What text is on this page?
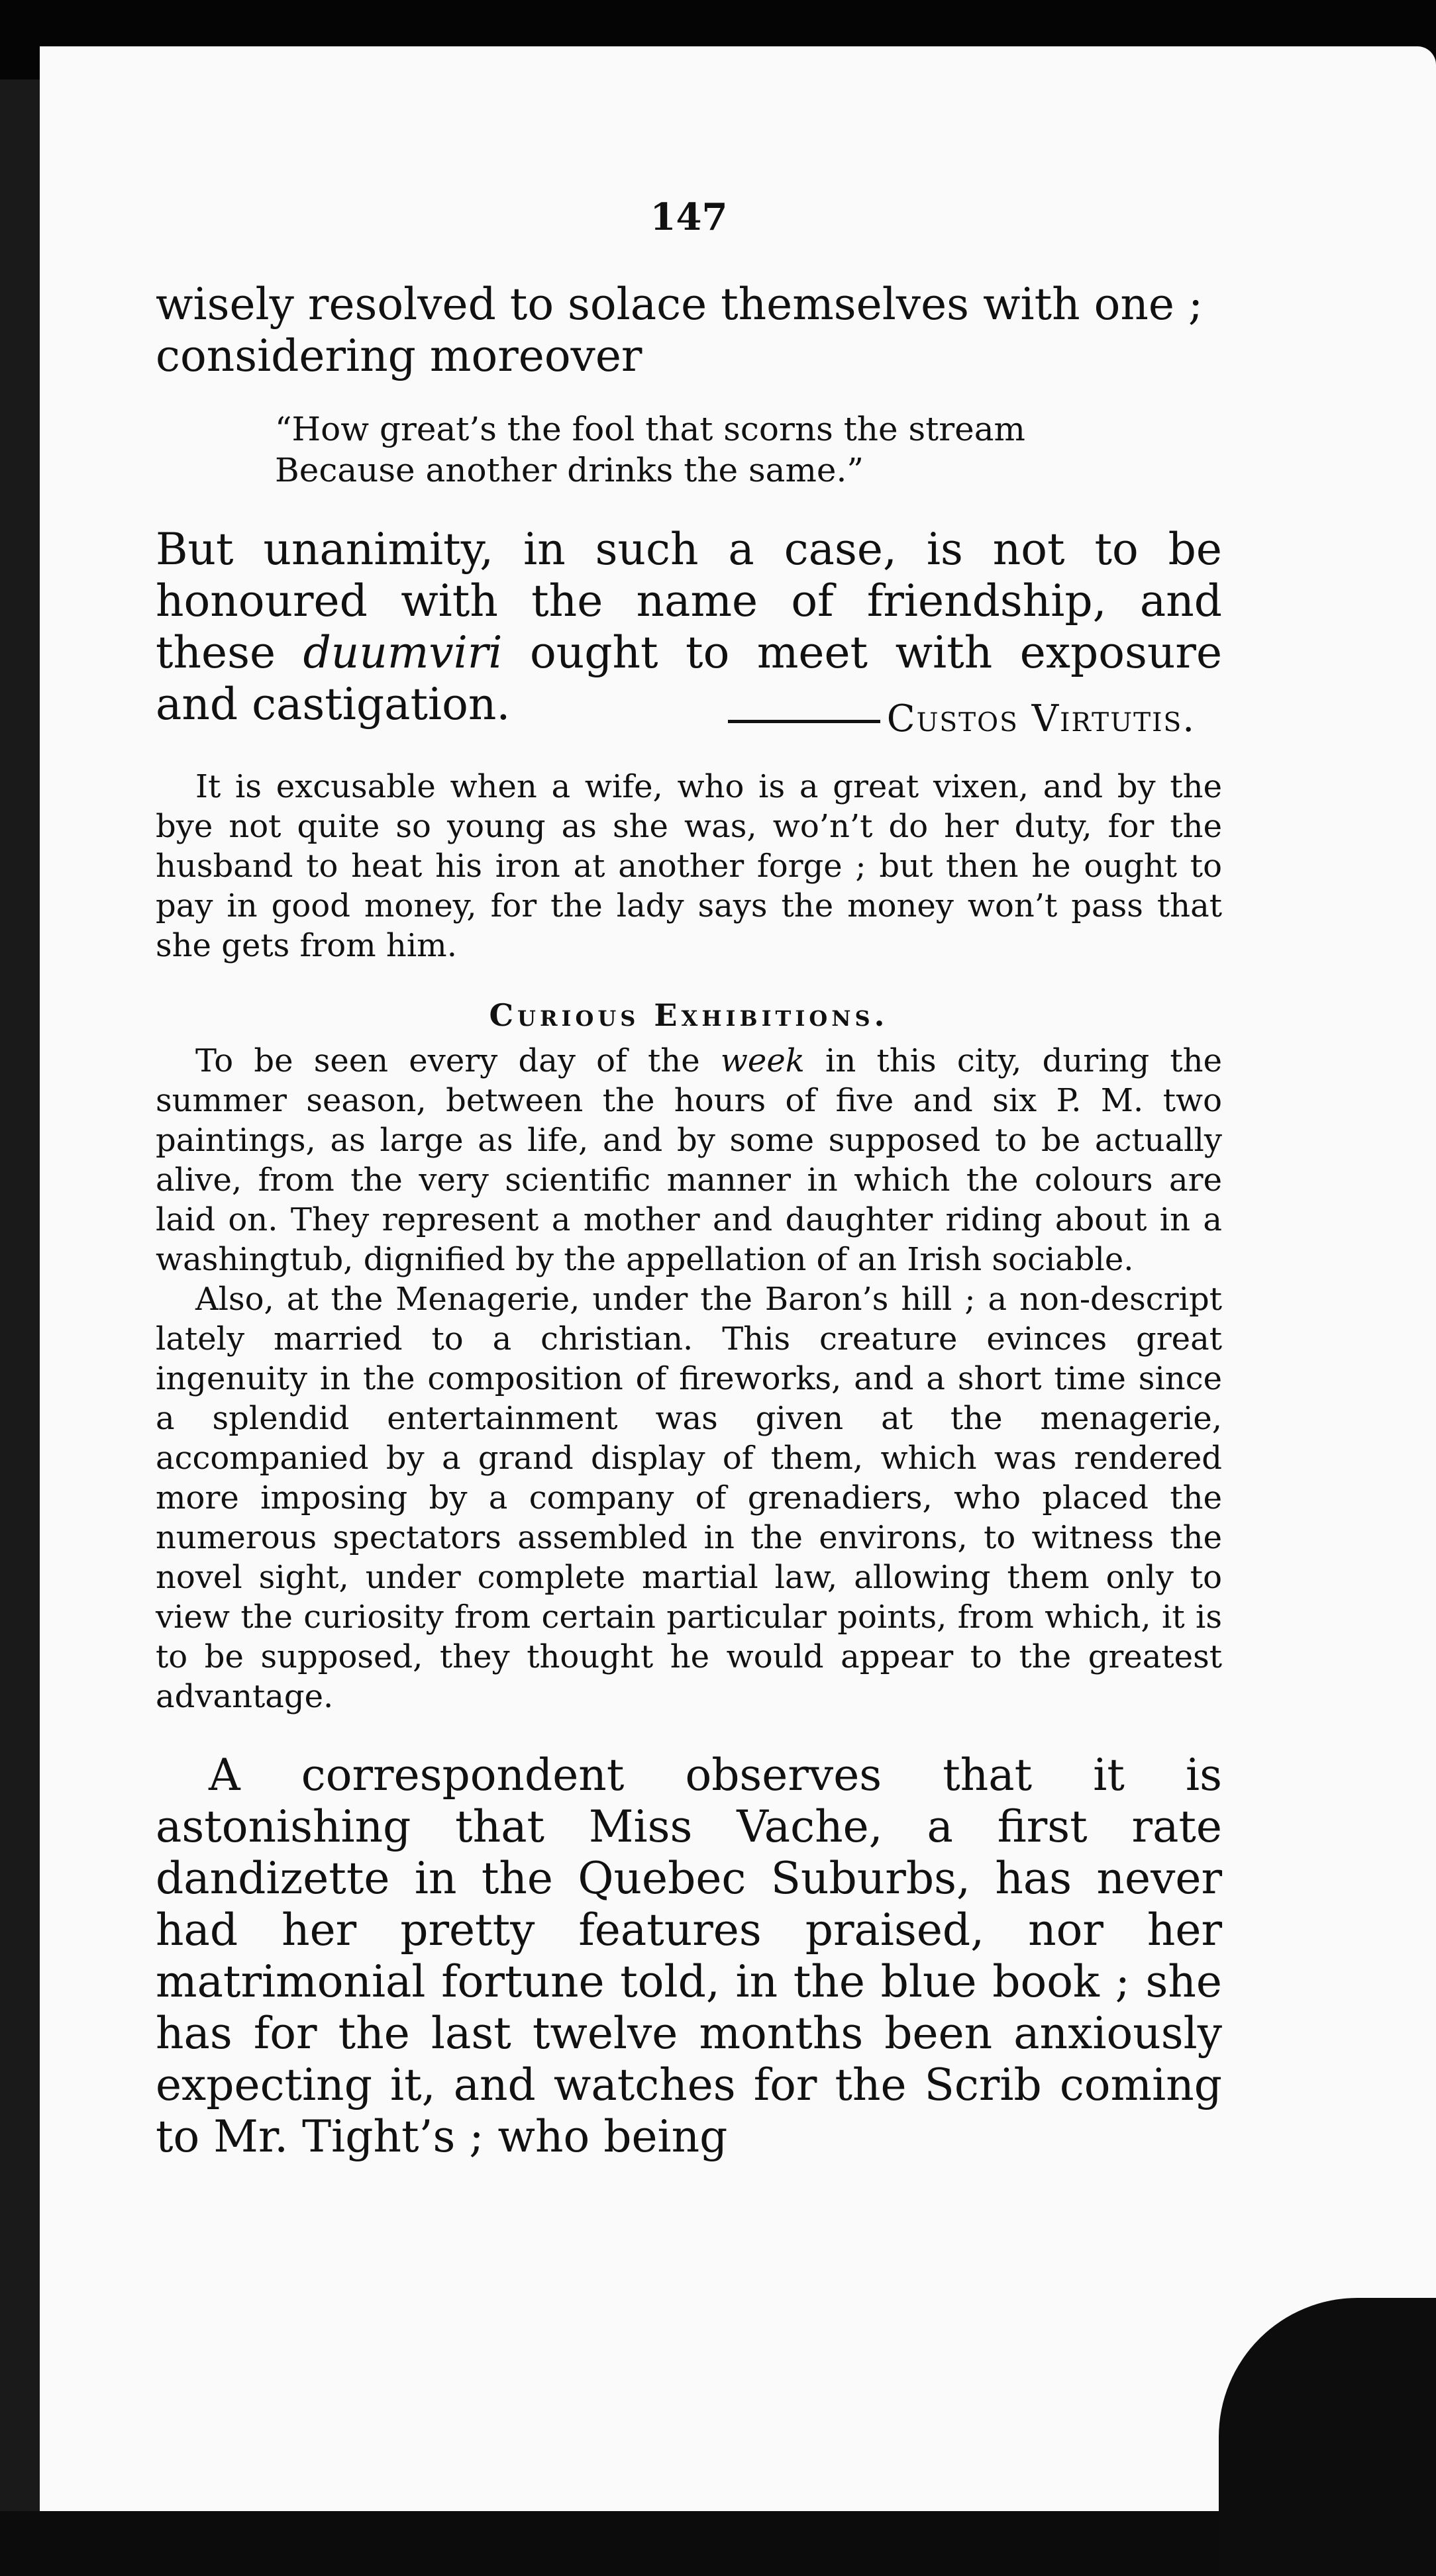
147

wisely resolved to solace themselves with one ;
considering moreover

“How great’s the fool that scorns the stream
Because another drinks the same.”

But unanimity, in such a case, is not to be honoured with the name of friendship, and these duumviri ought to meet with exposure and castigation.	Custos Virtutis.

It is excusable when a wife, who is a great vixen, and by the bye not quite so young as she was, wo’n’t do her duty, for the husband to heat his iron at another forge ; but then he ought to pay in good money, for the lady says the money won’t pass that she gets from him.

Curious Exhibitions.

To be seen every day of the week in this city, during the summer season, between the hours of five and six P. M. two paintings, as large as life, and by some supposed to be actually alive, from the very scientific manner in which the colours are laid on. They represent a mother and daughter riding about in a washingtub, dignified by the appellation of an Irish sociable.

Also, at the Menagerie, under the Baron’s hill ; a non-descript lately married to a christian. This creature evinces great ingenuity in the composition of fireworks, and a short time since a splendid entertainment was given at the menagerie, accompanied by a grand display of them, which was rendered more imposing by a company of grenadiers, who placed the numerous spectators assembled in the environs, to witness the novel sight, under complete martial law, allowing them only to view the curiosity from certain particular points, from which, it is to be supposed, they thought he would appear to the greatest advantage.

A correspondent observes that it is astonishing that Miss Vache, a first rate dandizette in the Quebec Suburbs, has never had her pretty features praised, nor her matrimonial fortune told, in the blue book ; she has for the last twelve months been anxiously expecting it, and watches for the Scrib coming to Mr. Tight’s ; who being
